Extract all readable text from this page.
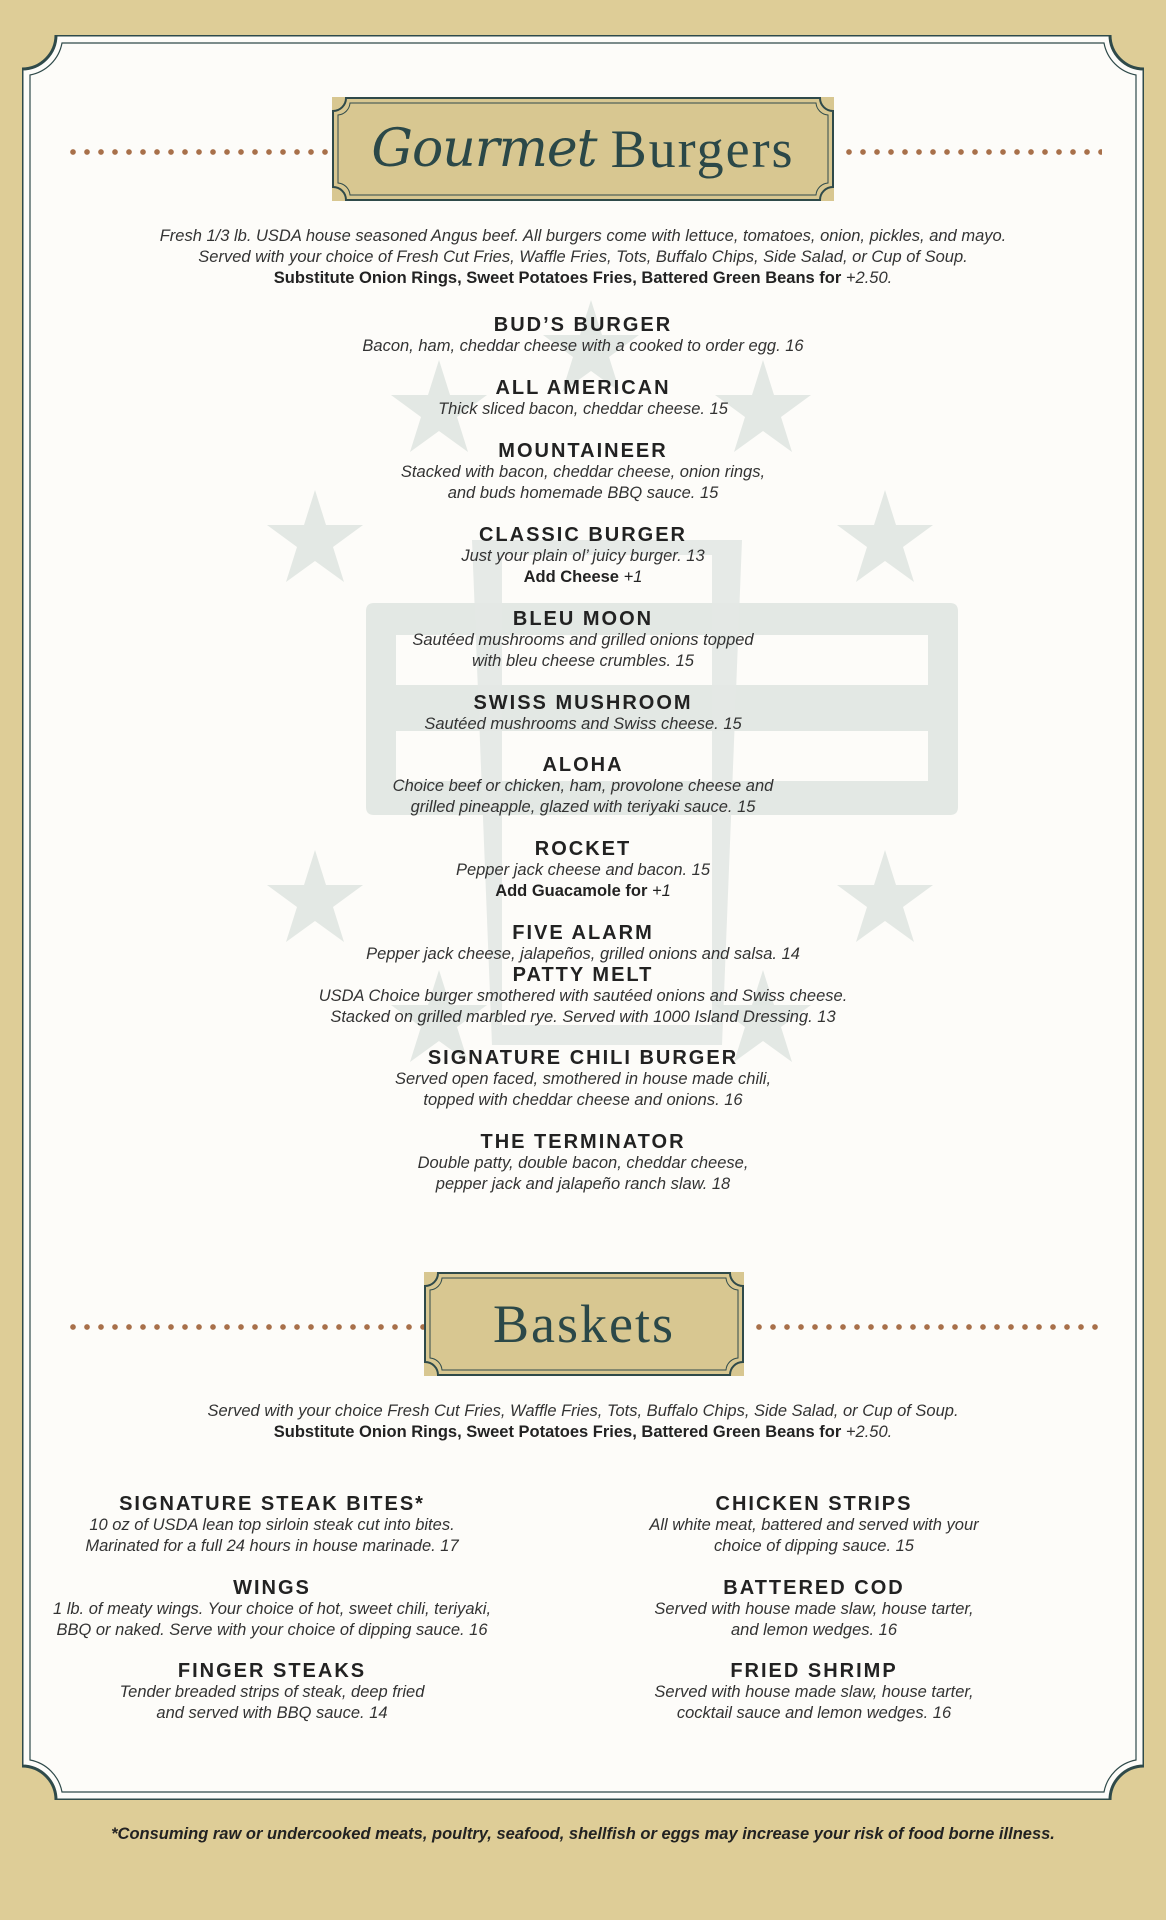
Gourmet Burgers
Fresh 1/3 lb. USDA house seasoned Angus beef. All burgers come with lettuce, tomatoes, onion, pickles, and mayo.
Served with your choice of Fresh Cut Fries, Waffle Fries, Tots, Buffalo Chips, Side Salad, or Cup of Soup.
Substitute Onion Rings, Sweet Potatoes Fries, Battered Green Beans for +2.50.
BUD’S BURGER
Bacon, ham, cheddar cheese with a cooked to order egg. 16
ALL AMERICAN
Thick sliced bacon, cheddar cheese. 15
MOUNTAINEER
Stacked with bacon, cheddar cheese, onion rings,
and buds homemade BBQ sauce. 15
CLASSIC BURGER
Just your plain ol’ juicy burger. 13
Add Cheese +1
BLEU MOON
Sautéed mushrooms and grilled onions topped
with bleu cheese crumbles. 15
SWISS MUSHROOM
Sautéed mushrooms and Swiss cheese. 15
ALOHA
Choice beef or chicken, ham, provolone cheese and
grilled pineapple, glazed with teriyaki sauce. 15
ROCKET
Pepper jack cheese and bacon. 15
Add Guacamole for +1
FIVE ALARM
Pepper jack cheese, jalapeños, grilled onions and salsa. 14
PATTY MELT
USDA Choice burger smothered with sautéed onions and Swiss cheese.
Stacked on grilled marbled rye. Served with 1000 Island Dressing. 13
SIGNATURE CHILI BURGER
Served open faced, smothered in house made chili,
topped with cheddar cheese and onions. 16
THE TERMINATOR
Double patty, double bacon, cheddar cheese,
pepper jack and jalapeño ranch slaw. 18
Baskets
Served with your choice Fresh Cut Fries, Waffle Fries, Tots, Buffalo Chips, Side Salad, or Cup of Soup.
Substitute Onion Rings, Sweet Potatoes Fries, Battered Green Beans for +2.50.
SIGNATURE STEAK BITES*
10 oz of USDA lean top sirloin steak cut into bites.
Marinated for a full 24 hours in house marinade. 17
WINGS
1 lb. of meaty wings. Your choice of hot, sweet chili, teriyaki,
BBQ or naked. Serve with your choice of dipping sauce. 16
FINGER STEAKS
Tender breaded strips of steak, deep fried
and served with BBQ sauce. 14
CHICKEN STRIPS
All white meat, battered and served with your
choice of dipping sauce. 15
BATTERED COD
Served with house made slaw, house tarter,
and lemon wedges. 16
FRIED SHRIMP
Served with house made slaw, house tarter,
cocktail sauce and lemon wedges. 16
*Consuming raw or undercooked meats, poultry, seafood, shellfish or eggs may increase your risk of food borne illness.
